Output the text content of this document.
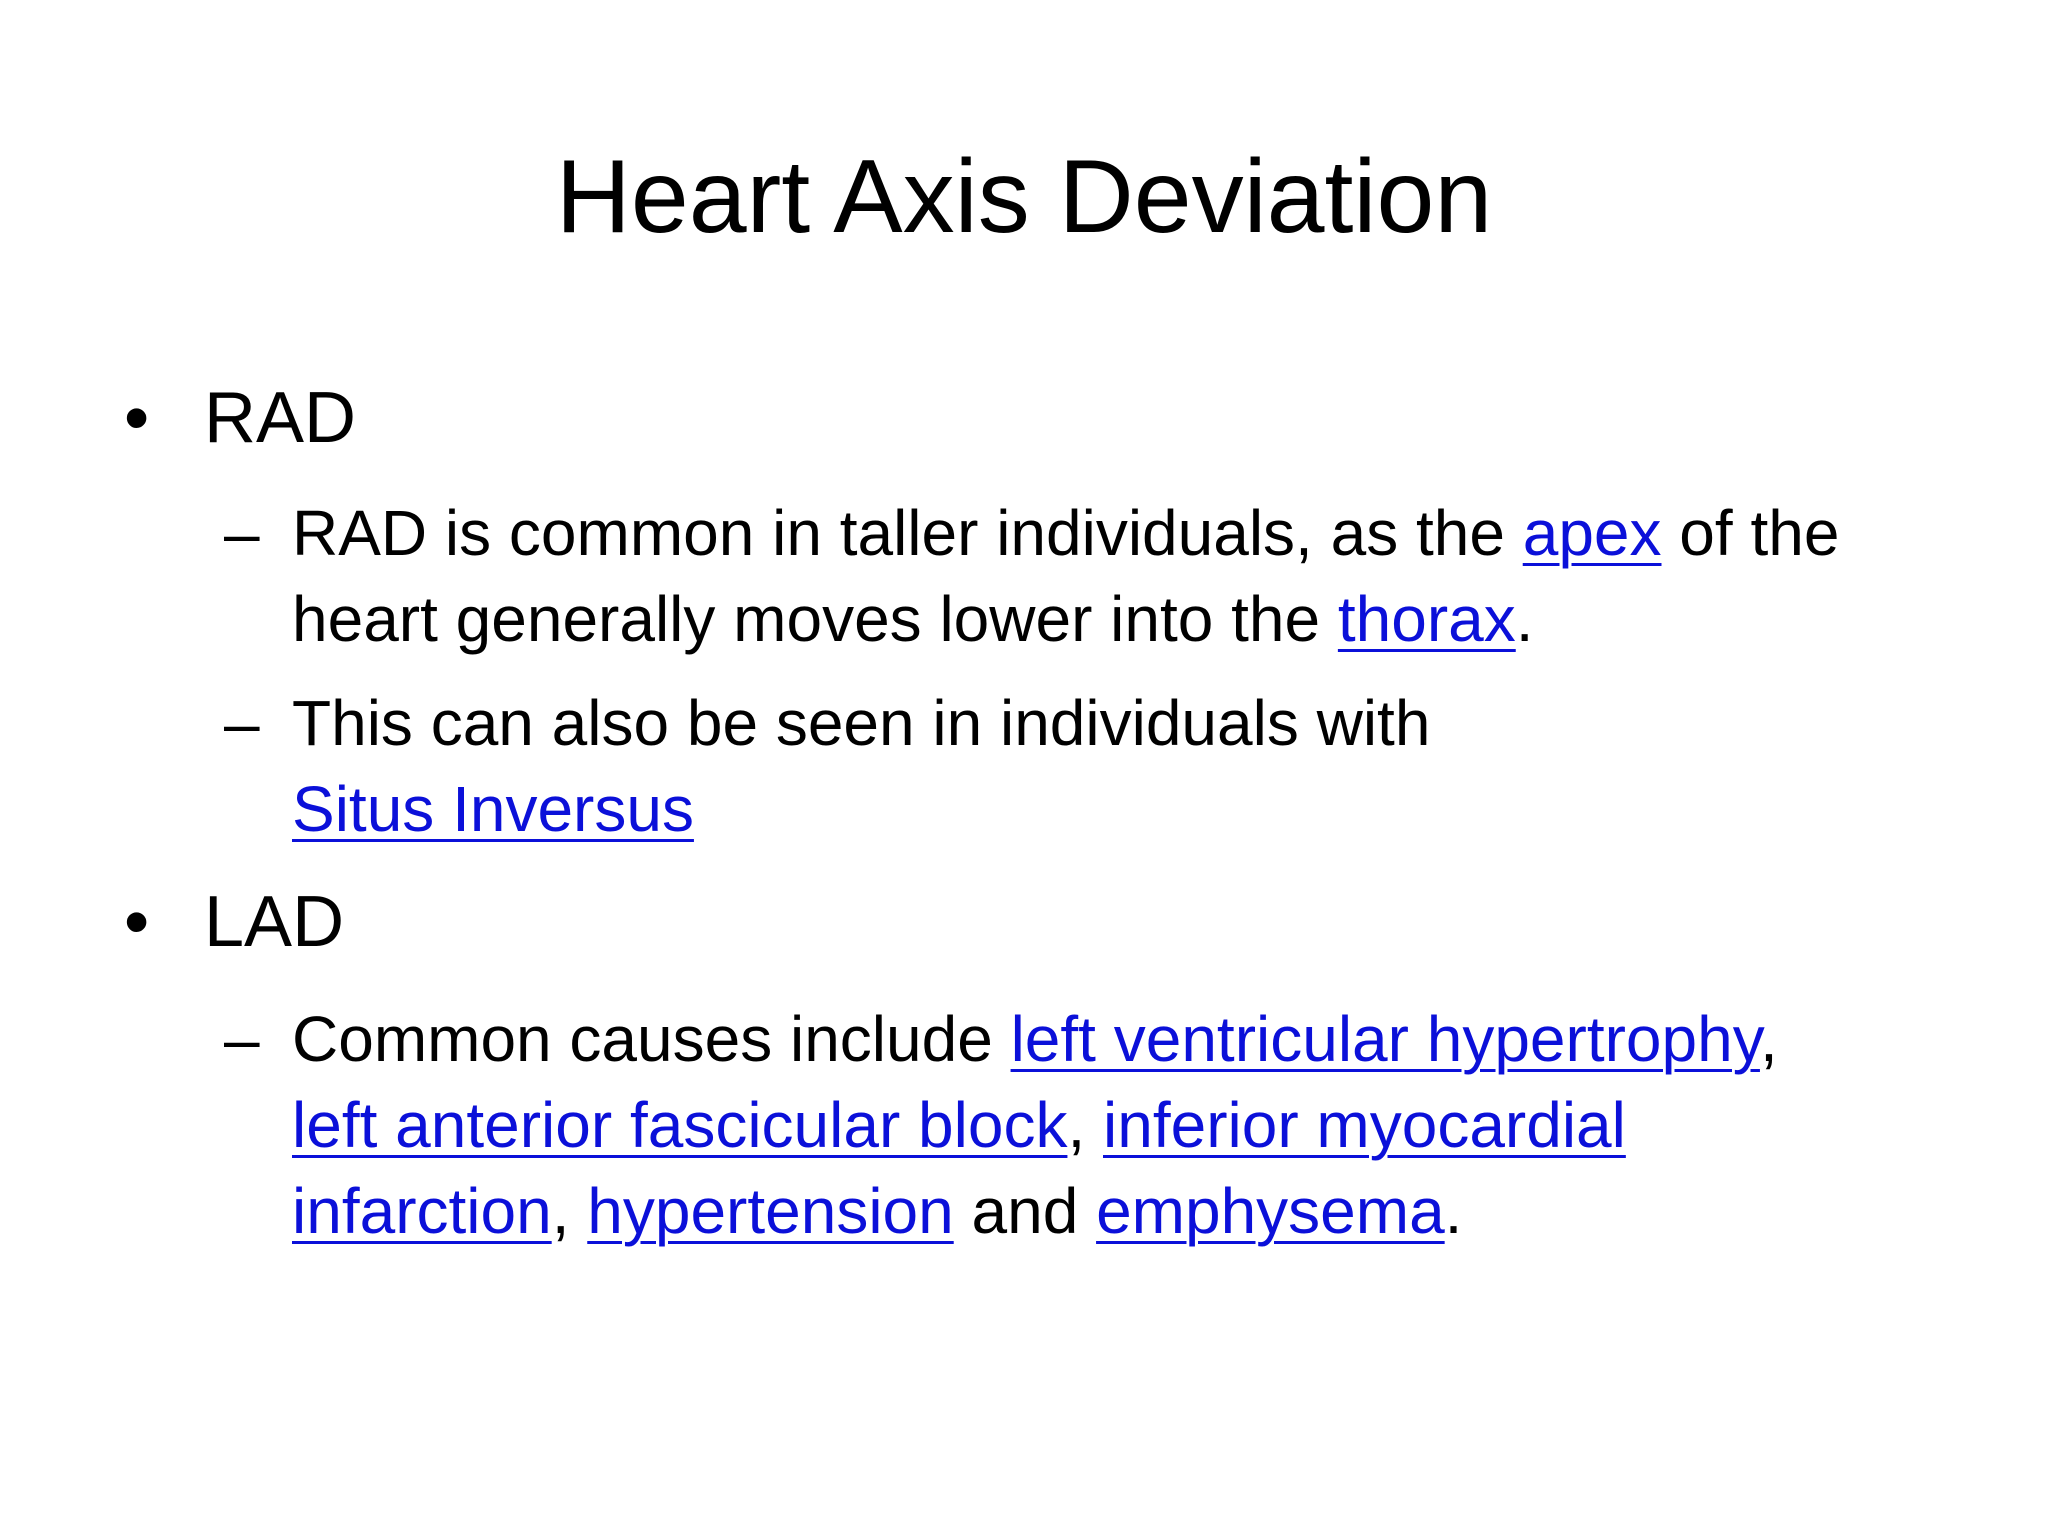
Heart Axis Deviation
• RAD
– RAD is common in taller individuals, as the apex of the heart generally moves lower into the thorax.
– This can also be seen in individuals with Situs Inversus
• LAD
– Common causes include left ventricular hypertrophy, left anterior fascicular block, inferior myocardial infarction, hypertension and emphysema.
